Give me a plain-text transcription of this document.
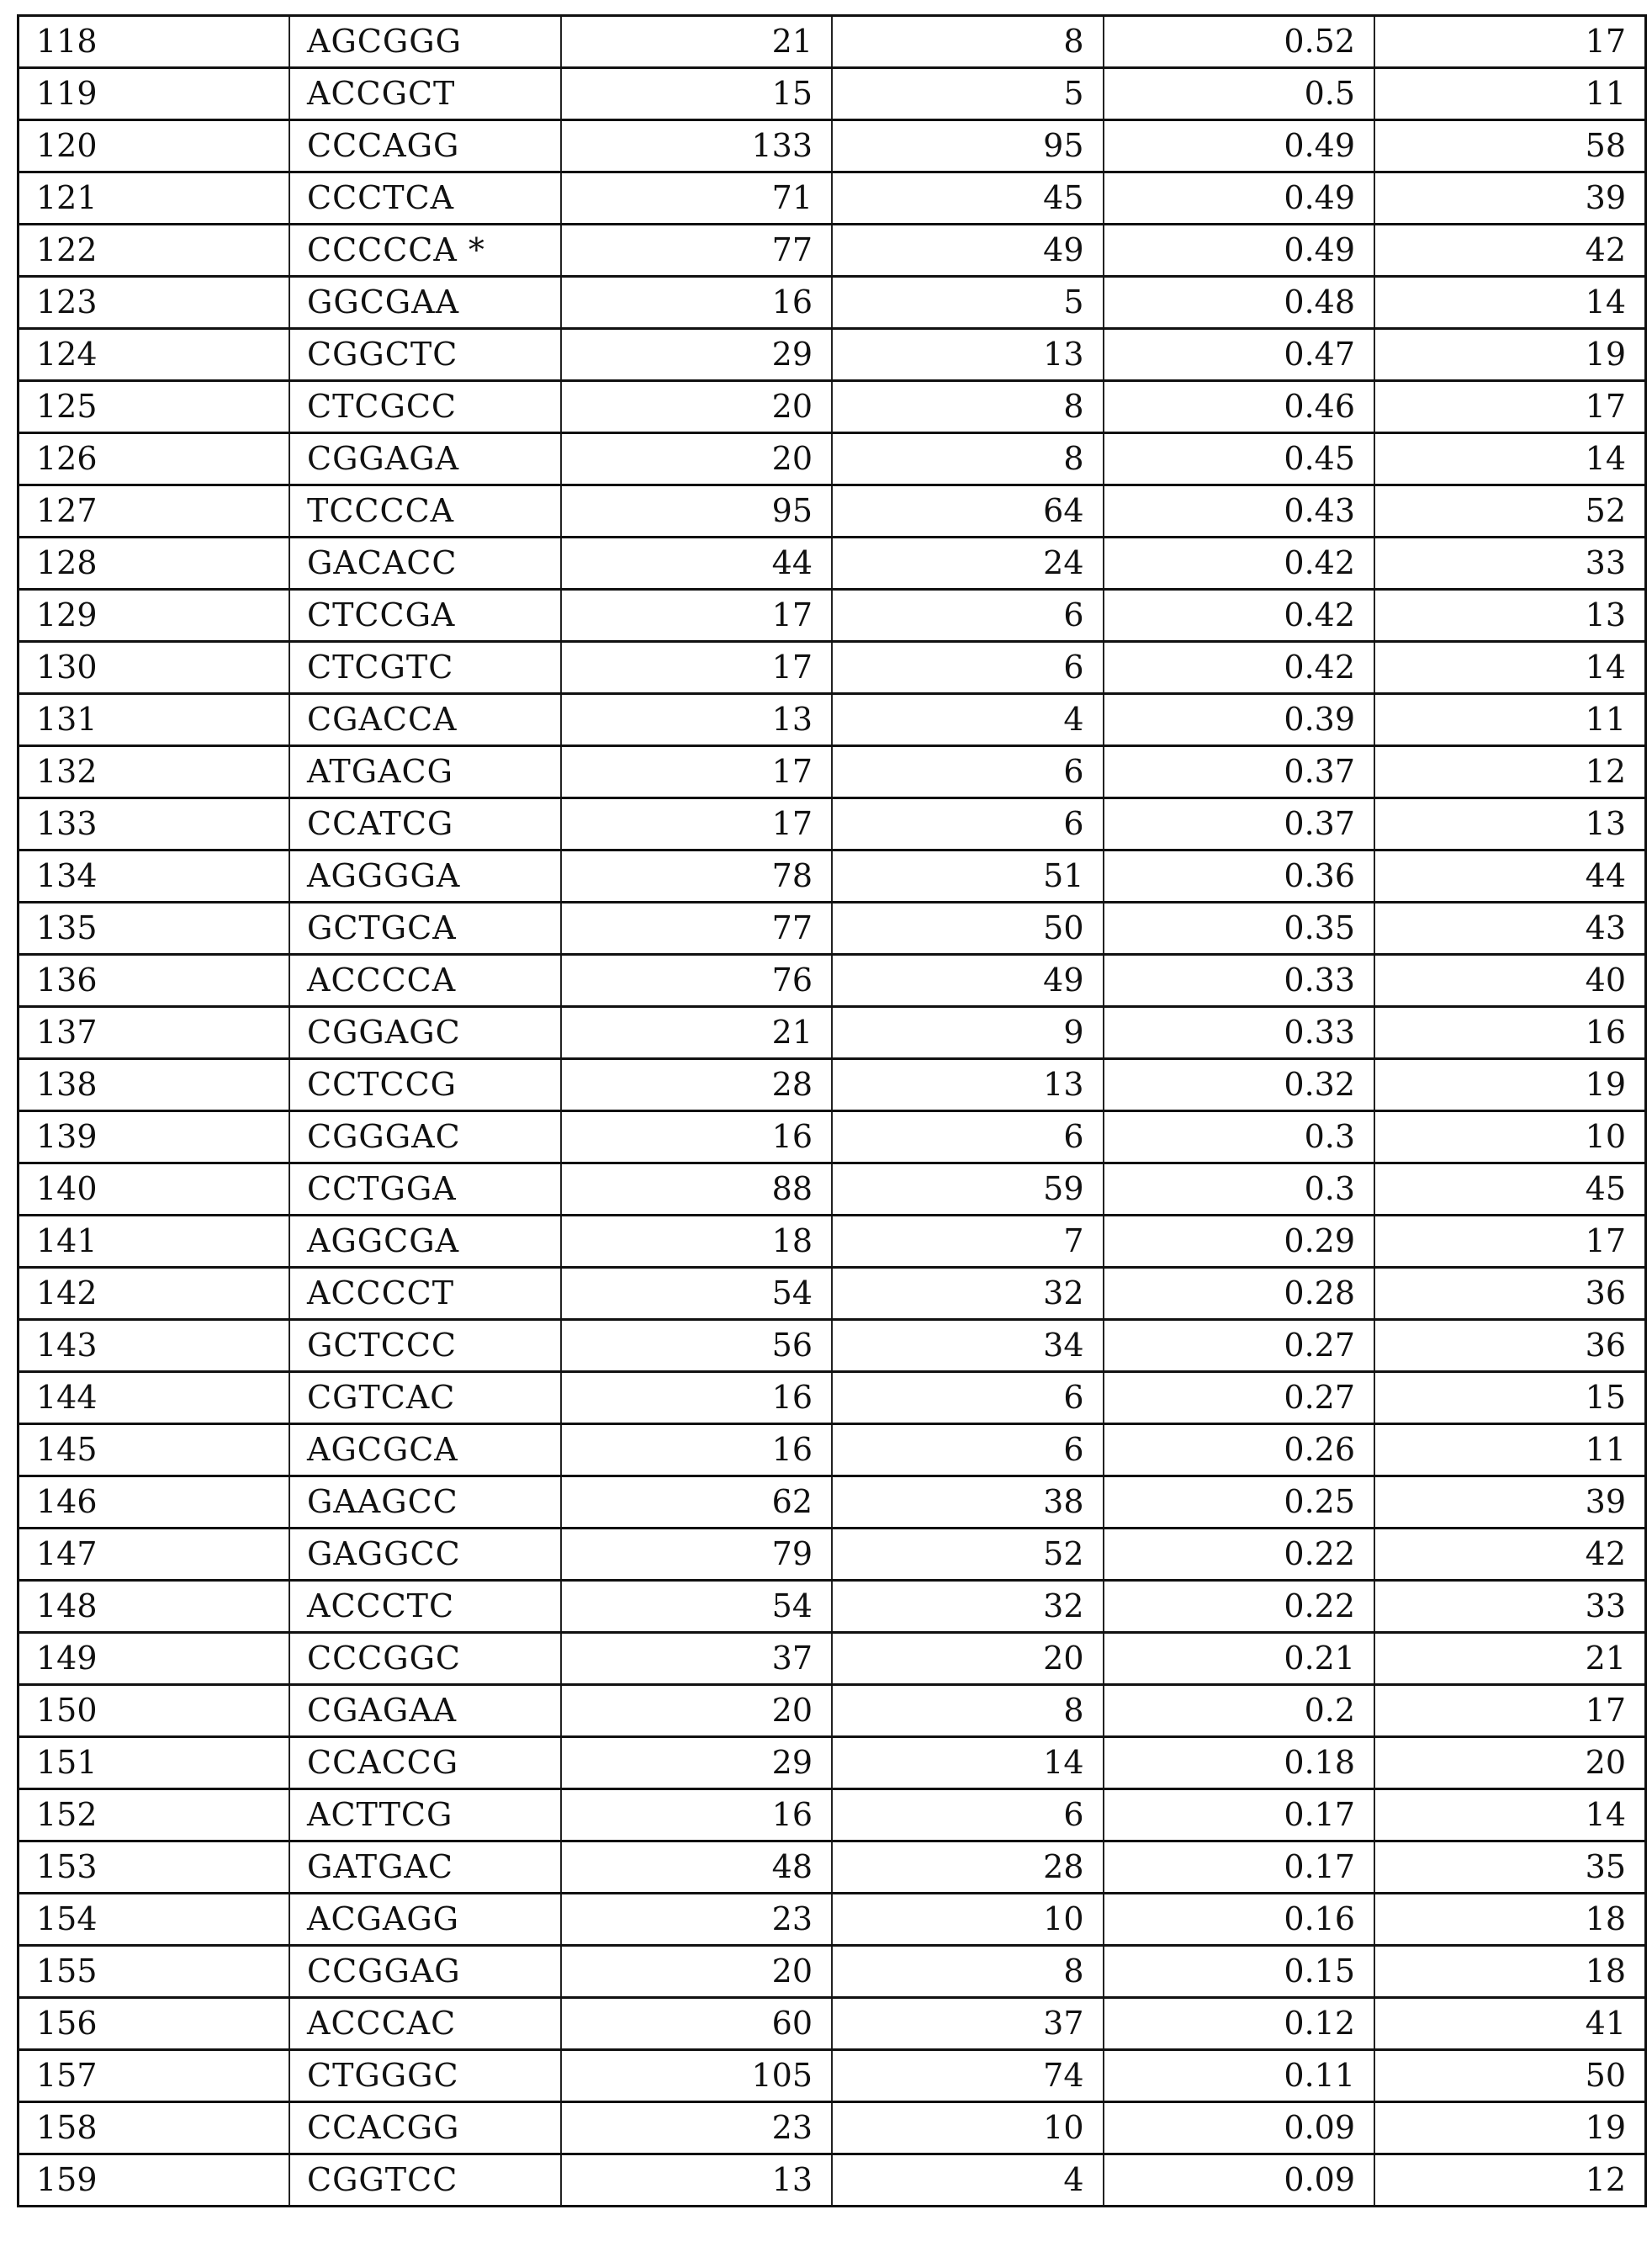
118	AGCGGG	21	8	0.52	17
119	ACCGCT	15	5	0.5	11
120	CCCAGG	133	95	0.49	58
121	CCCTCA	71	45	0.49	39
122	CCCCCA *	77	49	0.49	42
123	GGCGAA	16	5	0.48	14
124	CGGCTC	29	13	0.47	19
125	CTCGCC	20	8	0.46	17
126	CGGAGA	20	8	0.45	14
127	TCCCCA	95	64	0.43	52
128	GACACC	44	24	0.42	33
129	CTCCGA	17	6	0.42	13
130	CTCGTC	17	6	0.42	14
131	CGACCA	13	4	0.39	11
132	ATGACG	17	6	0.37	12
133	CCATCG	17	6	0.37	13
134	AGGGGA	78	51	0.36	44
135	GCTGCA	77	50	0.35	43
136	ACCCCA	76	49	0.33	40
137	CGGAGC	21	9	0.33	16
138	CCTCCG	28	13	0.32	19
139	CGGGAC	16	6	0.3	10
140	CCTGGA	88	59	0.3	45
141	AGGCGA	18	7	0.29	17
142	ACCCCT	54	32	0.28	36
143	GCTCCC	56	34	0.27	36
144	CGTCAC	16	6	0.27	15
145	AGCGCA	16	6	0.26	11
146	GAAGCC	62	38	0.25	39
147	GAGGCC	79	52	0.22	42
148	ACCCTC	54	32	0.22	33
149	CCCGGC	37	20	0.21	21
150	CGAGAA	20	8	0.2	17
151	CCACCG	29	14	0.18	20
152	ACTTCG	16	6	0.17	14
153	GATGAC	48	28	0.17	35
154	ACGAGG	23	10	0.16	18
155	CCGGAG	20	8	0.15	18
156	ACCCAC	60	37	0.12	41
157	CTGGGC	105	74	0.11	50
158	CCACGG	23	10	0.09	19
159	CGGTCC	13	4	0.09	12
